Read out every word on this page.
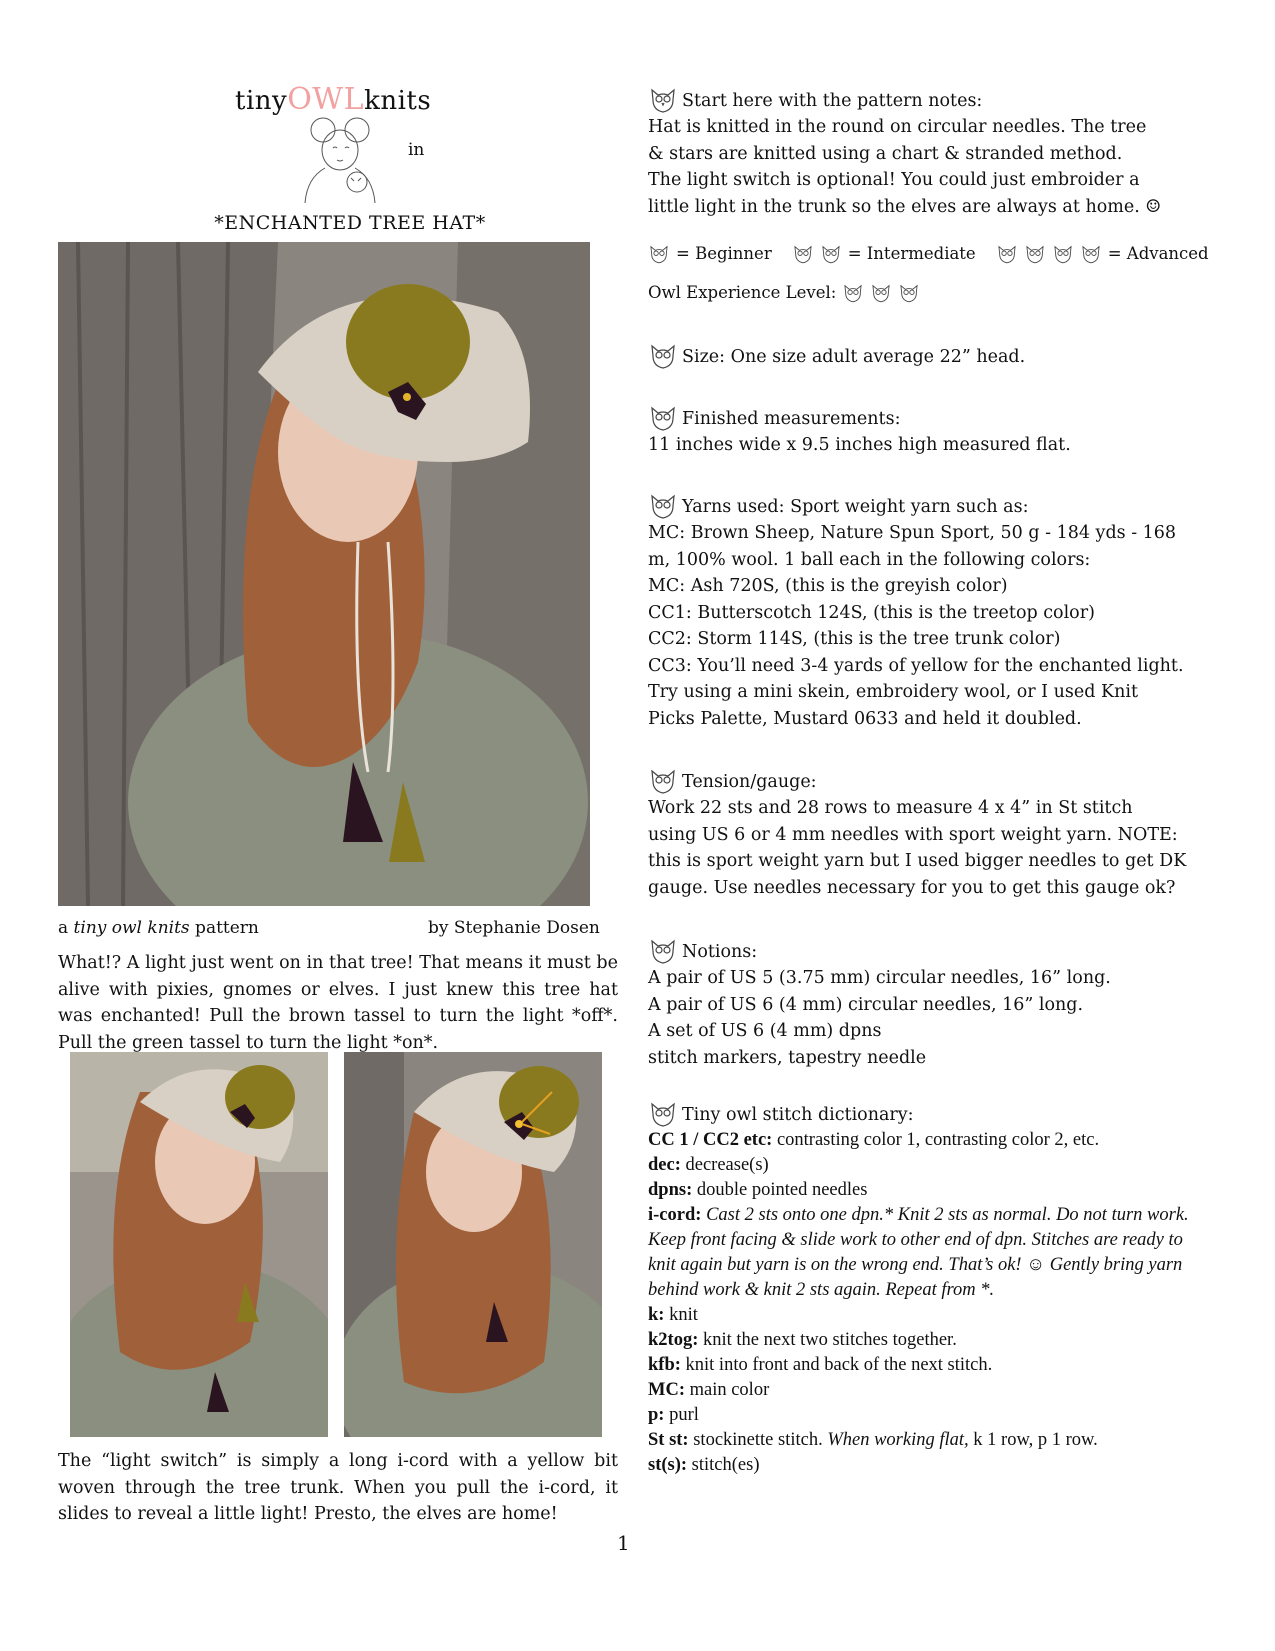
tinyOWLknits
in
*ENCHANTED TREE HAT*
a tiny owl knits pattern	by Stephanie Dosen
What!? A light just went on in that tree! That means it must be alive with pixies, gnomes or elves. I just knew this tree hat was enchanted! Pull the brown tassel to turn the light *off*. Pull the green tassel to turn the light *on*.
The “light switch” is simply a long i-cord with a yellow bit woven through the tree trunk. When you pull the i-cord, it slides to reveal a little light! Presto, the elves are home!
1
Start here with the pattern notes:
Hat is knitted in the round on circular needles. The tree
& stars are knitted using a chart & stranded method.
The light switch is optional! You could just embroider a
little light in the trunk so the elves are always at home. ☺
= Beginner	= Intermediate	= Advanced
Owl Experience Level:
Size: One size adult average 22” head.
Finished measurements:
11 inches wide x 9.5 inches high measured flat.
Yarns used: Sport weight yarn such as:
MC: Brown Sheep, Nature Spun Sport, 50 g - 184 yds - 168
m, 100% wool. 1 ball each in the following colors:
MC: Ash 720S, (this is the greyish color)
CC1: Butterscotch 124S, (this is the treetop color)
CC2: Storm 114S, (this is the tree trunk color)
CC3: You’ll need 3-4 yards of yellow for the enchanted light.
Try using a mini skein, embroidery wool, or I used Knit
Picks Palette, Mustard 0633 and held it doubled.
Tension/gauge:
Work 22 sts and 28 rows to measure 4 x 4” in St stitch
using US 6 or 4 mm needles with sport weight yarn. NOTE:
this is sport weight yarn but I used bigger needles to get DK
gauge. Use needles necessary for you to get this gauge ok?
Notions:
A pair of US 5 (3.75 mm) circular needles, 16” long.
A pair of US 6 (4 mm) circular needles, 16” long.
A set of US 6 (4 mm) dpns
stitch markers, tapestry needle
Tiny owl stitch dictionary:
CC 1 / CC2 etc: contrasting color 1, contrasting color 2, etc.
dec: decrease(s)
dpns: double pointed needles
i-cord: Cast 2 sts onto one dpn.* Knit 2 sts as normal. Do not turn work. Keep front facing & slide work to other end of dpn. Stitches are ready to knit again but yarn is on the wrong end. That’s ok! ☺ Gently bring yarn behind work & knit 2 sts again. Repeat from *.
k: knit
k2tog: knit the next two stitches together.
kfb: knit into front and back of the next stitch.
MC: main color
p: purl
St st: stockinette stitch. When working flat, k 1 row, p 1 row.
st(s): stitch(es)
